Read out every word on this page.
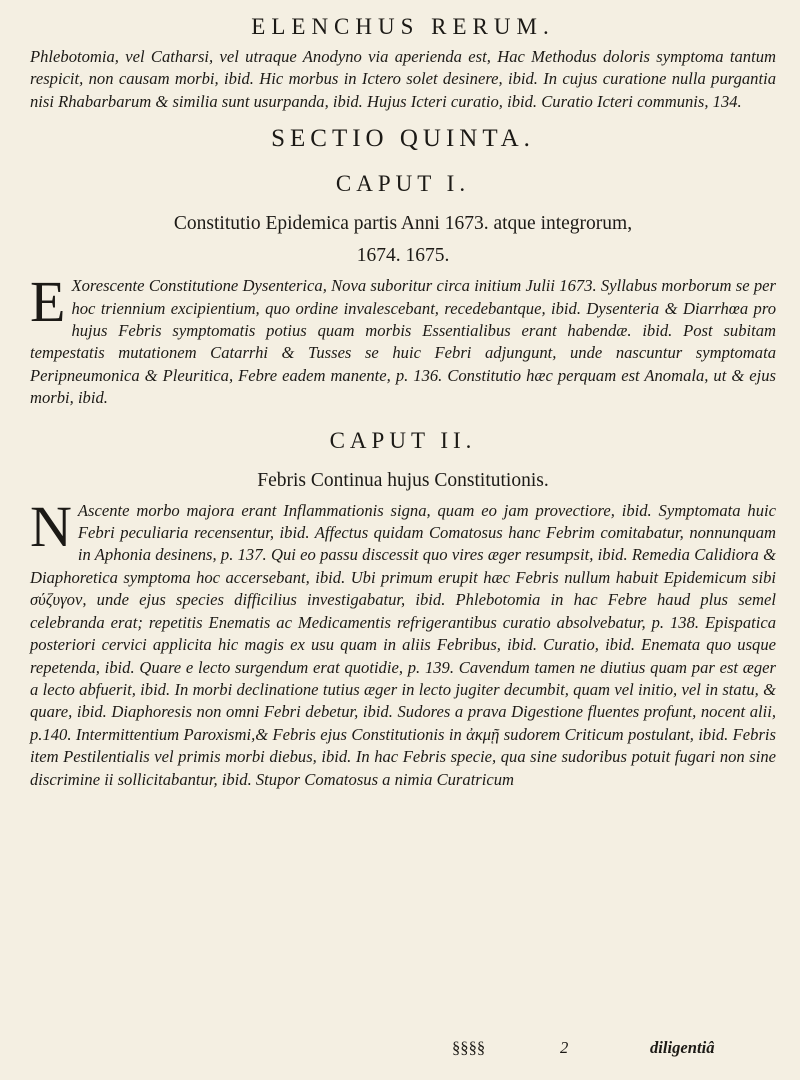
ELENCHUS RERUM.

Phlebotomia, vel Catharsi, vel utraque Anodyno via aperienda est, Hac Methodus doloris symptoma tantum respicit, non causam morbi, ibid. Hic morbus in Ictero solet desinere, ibid. In cujus curatione nulla purgantia nisi Rhabarbarum & similia sunt usurpanda, ibid. Hujus Icteri curatio, ibid. Curatio Icteri communis, 134.

SECTIO QUINTA.
CAPUT I.
Constitutio Epidemica partis Anni 1673. atque integrorum,
1674. 1675.

E Xorescente Constitutione Dysenterica, Nova suboritur circa initium Julii 1673. Syllabus morborum se per hoc triennium excipientium, quo ordine invalescebant, recedebantque, ibid. Dysenteria & Diarrhœa pro hujus Febris symptomatis potius quam morbis Essentialibus erant habendæ. ibid. Post subitam tempestatis mutationem Catarrhi & Tusses se huic Febri adjungunt, unde nascuntur symptomata Peripneumonica & Pleuritica, Febre eadem manente, p. 136. Constitutio hæc perquam est Anomala, ut & ejus morbi, ibid.

CAPUT II.
Febris Continua hujus Constitutionis.

N Ascente morbo majora erant Inflammationis signa, quam eo jam provectiore, ibid. Symptomata huic Febri peculiaria recensentur, ibid. Affectus quidam Comatosus hanc Febrim comitabatur, nonnunquam in Aphonia desinens, p. 137. Qui eo passu discessit quo vires æger resumpsit, ibid. Remedia Calidiora & Diaphoretica symptoma hoc accersebant, ibid. Ubi primum erupit hæc Febris nullum habuit Epidemicum sibi σύζυγον, unde ejus species difficilius investigabatur, ibid. Phlebotomia in hac Febre haud plus semel celebranda erat; repetitis Enematis ac Medicamentis refrigerantibus curatio absolvebatur, p. 138. Epispatica posteriori cervici applicita hic magis ex usu quam in aliis Febribus, ibid. Curatio, ibid. Enemata quo usque repetenda, ibid. Quare e lecto surgendum erat quotidie, p. 139. Cavendum tamen ne diutius quam par est æger a lecto abfuerit, ibid. In morbi declinatione tutius æger in lecto jugiter decumbit, quam vel initio, vel in statu, & quare, ibid. Diaphoresis non omni Febri debetur, ibid. Sudores a prava Digestione fluentes profunt, nocent alii, p.140. Intermittentium Paroxismi,& Febris ejus Constitutionis in ἀκμῇ sudorem Criticum postulant, ibid. Febris item Pestilentialis vel primis morbi diebus, ibid. In hac Febris specie, qua sine sudoribus potuit fugari non sine discrimine ii sollicitabantur, ibid. Stupor Comatosus a nimia Curatricum

§§§§	2	diligentiâ
